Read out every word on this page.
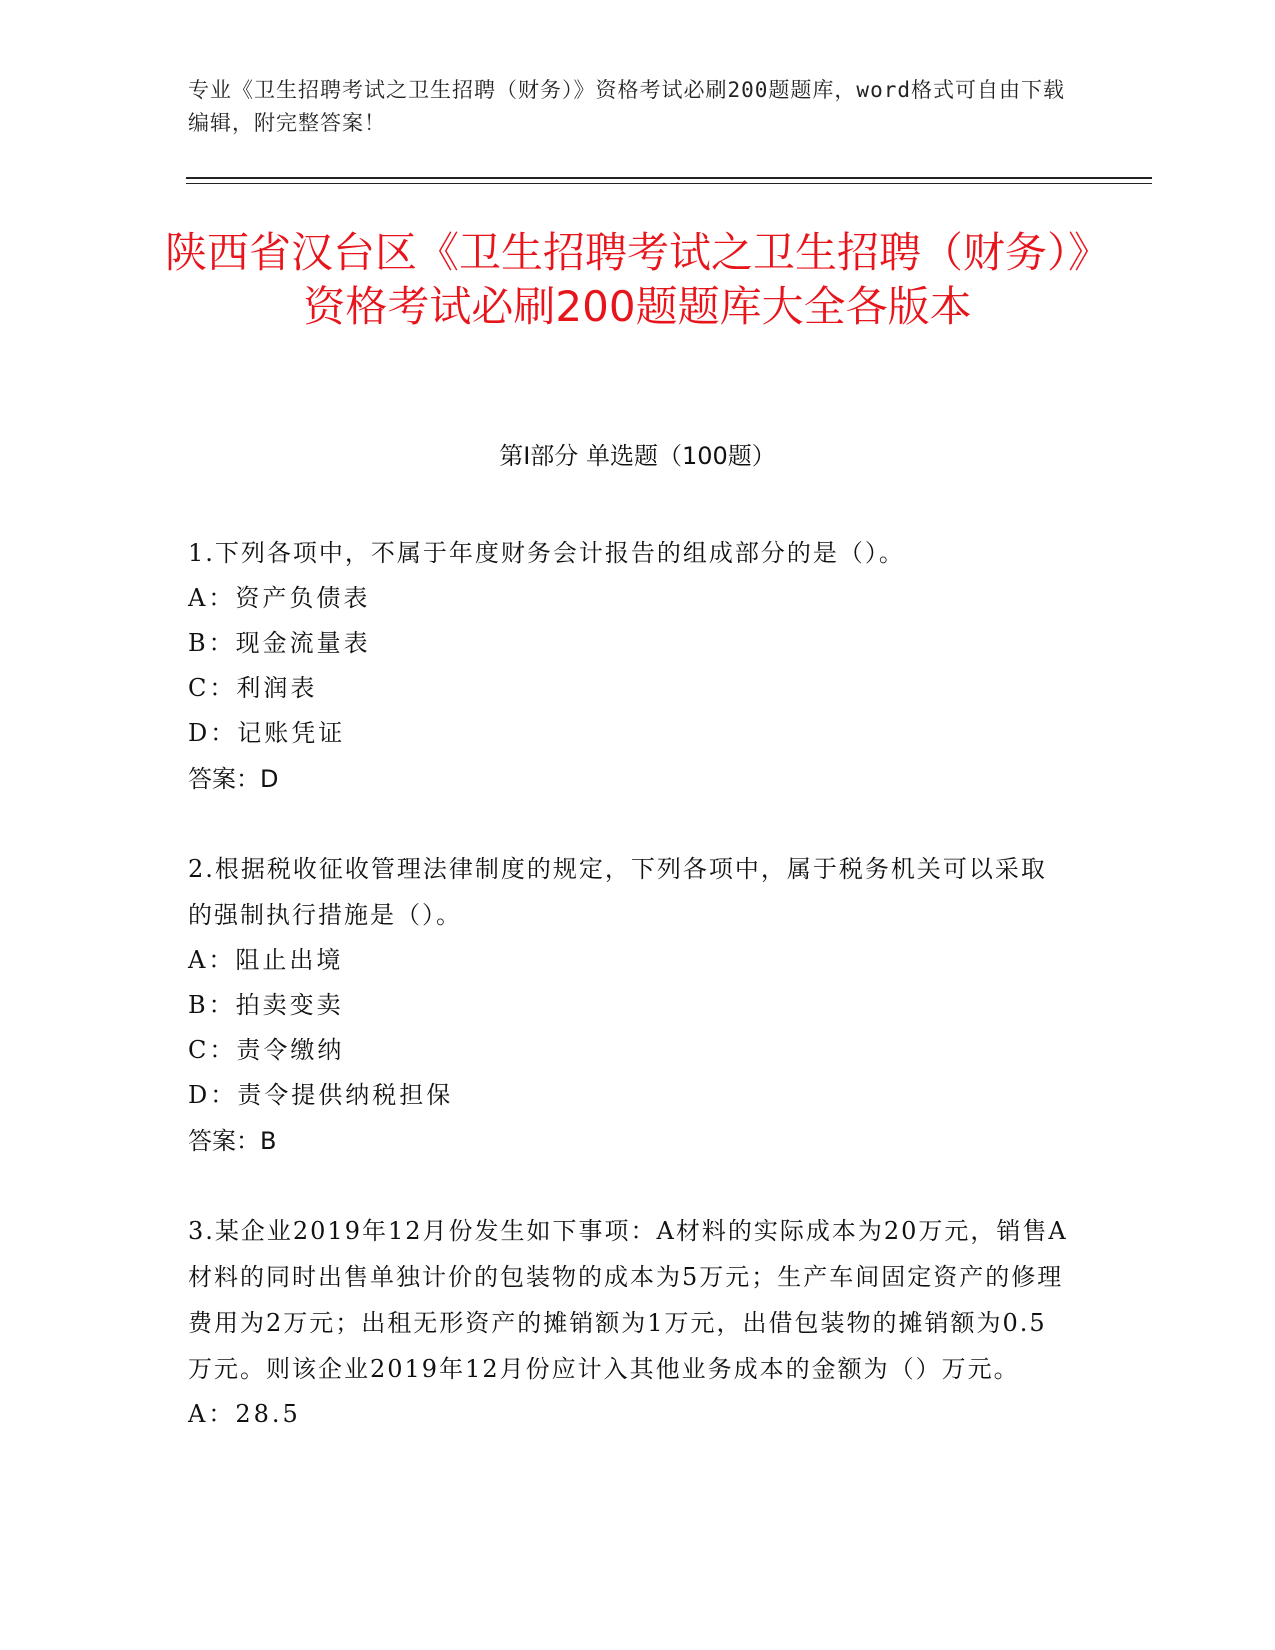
专业《卫生招聘考试之卫生招聘（财务）》资格考试必刷200题题库，word格式可自由下载编辑，附完整答案！
陕西省汉台区《卫生招聘考试之卫生招聘（财务）》资格考试必刷200题题库大全各版本
第I部分 单选题（100题）

1.下列各项中，不属于年度财务会计报告的组成部分的是（）。

A：资产负债表

B：现金流量表

C：利润表

D：记账凭证

答案：D

2.根据税收征收管理法律制度的规定，下列各项中，属于税务机关可以采取的强制执行措施是（）。

A：阻止出境

B：拍卖变卖

C：责令缴纳

D：责令提供纳税担保

答案：B

3.某企业2019年12月份发生如下事项：A材料的实际成本为20万元，销售A材料的同时出售单独计价的包装物的成本为5万元；生产车间固定资产的修理费用为2万元；出租无形资产的摊销额为1万元，出借包装物的摊销额为0.5万元。则该企业2019年12月份应计入其他业务成本的金额为（）万元。

A：28.5
